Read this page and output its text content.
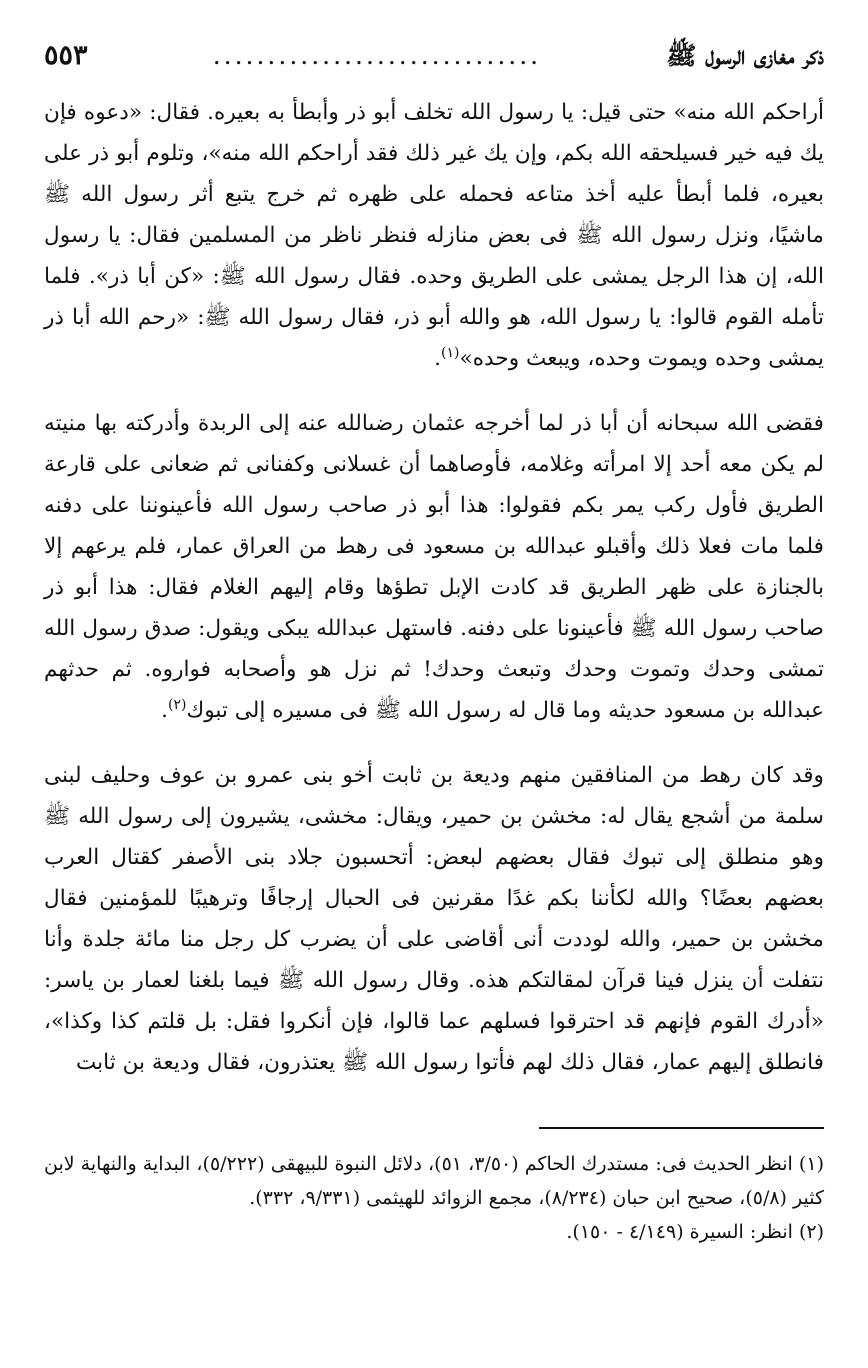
ذكر مغازى الرسول ﷺ
..............................
٥٥٣

أراحكم الله منه» حتى قيل: يا رسول الله تخلف أبو ذر وأبطأ به بعيره. فقال: «دعوه فإن يك فيه خير فسيلحقه الله بكم، وإن يك غير ذلك فقد أراحكم الله منه»، وتلوم أبو ذر على بعيره، فلما أبطأ عليه أخذ متاعه فحمله على ظهره ثم خرج يتبع أثر رسول الله ﷺ ماشيًا، ونزل رسول الله ﷺ فى بعض منازله فنظر ناظر من المسلمين فقال: يا رسول الله، إن هذا الرجل يمشى على الطريق وحده. فقال رسول الله ﷺ: «كن أبا ذر». فلما تأمله القوم قالوا: يا رسول الله، هو والله أبو ذر، فقال رسول الله ﷺ: «رحم الله أبا ذر يمشى وحده ويموت وحده، ويبعث وحده»$^{(١)}$.

فقضى الله سبحانه أن أبا ذر لما أخرجه عثمان رضىالله عنه إلى الربدة وأدركته بها منيته لم يكن معه أحد إلا امرأته وغلامه، فأوصاهما أن غسلانى وكفنانى ثم ضعانى على قارعة الطريق فأول ركب يمر بكم فقولوا: هذا أبو ذر صاحب رسول الله فأعينوننا على دفنه فلما مات فعلا ذلك وأقبلو عبدالله بن مسعود فى رهط من العراق عمار، فلم يرعهم إلا بالجنازة على ظهر الطريق قد كادت الإبل تطؤها وقام إليهم الغلام فقال: هذا أبو ذر صاحب رسول الله ﷺ فأعينونا على دفنه. فاستهل عبدالله يبكى ويقول: صدق رسول الله تمشى وحدك وتموت وحدك وتبعث وحدك! ثم نزل هو وأصحابه فواروه. ثم حدثهم عبدالله بن مسعود حديثه وما قال له رسول الله ﷺ فى مسيره إلى تبوك$^{(٢)}$.

وقد كان رهط من المنافقين منهم وديعة بن ثابت أخو بنى عمرو بن عوف وحليف لبنى سلمة من أشجع يقال له: مخشن بن حمير، ويقال: مخشى، يشيرون إلى رسول الله ﷺ وهو منطلق إلى تبوك فقال بعضهم لبعض: أتحسبون جلاد بنى الأصفر كقتال العرب بعضهم بعضًا؟ والله لكأننا بكم غدًا مقرنين فى الحبال إرجافًا وترهيبًا للمؤمنين فقال مخشن بن حمير، والله لوددت أنى أقاضى على أن يضرب كل رجل منا مائة جلدة وأنا نتفلت أن ينزل فينا قرآن لمقالتكم هذه. وقال رسول الله ﷺ فيما بلغنا لعمار بن ياسر: «أدرك القوم فإنهم قد احترقوا فسلهم عما قالوا، فإن أنكروا فقل: بل قلتم كذا وكذا»، فانطلق إليهم عمار، فقال ذلك لهم فأتوا رسول الله ﷺ يعتذرون، فقال وديعة بن ثابت

(١) انظر الحديث فى: مستدرك الحاكم (٣/٥٠، ٥١)، دلائل النبوة للبيهقى (٥/٢٢٢)، البداية والنهاية لابن كثير (٥/٨)، صحيح ابن حبان (٨/٢٣٤)، مجمع الزوائد للهيثمى (٩/٣٣١، ٣٣٢).

(٢) انظر: السيرة (٤/١٤٩ - ١٥٠).
